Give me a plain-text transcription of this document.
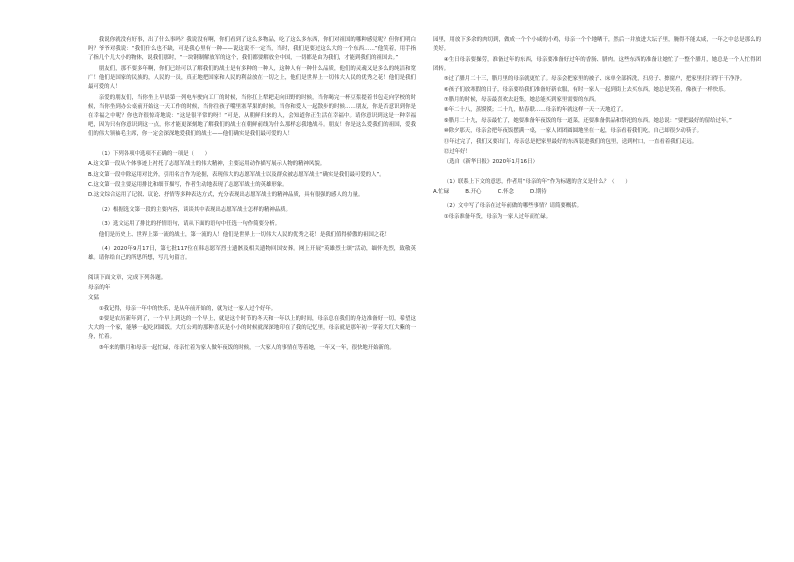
我说你就没有好事，出了什么事吗？我说没有啊，你们看到了这么多物品，吃了这么多东西，你们对祖国的哪种感觉呢？但你们明白吗？爷爷对我说：“我们什么也不缺，可是我心里有一种——说这说不一定当，当时，我们是要过这么大的一个东西……”他笑着，用手指了指几个儿大小的物体，说我们那时，“一块钢制解放军的这个，我们都要解放全中国，一切都是由为我们，才能到我们的祖国去。”

朋友们，那不要多年啊，你们已经可以了解我们的战士是有多种的一种人，这种人有一种什么品质，他们的灵魂又是多么的纯洁和宽广！他们是国家的民族的，人民的一员，真正地把国家和人民的利益放在一切之上，他们是世界上一切伟大人民的优秀之花！他们是我们最可爱的人！

亲爱的朋友们，当你坐上早晨第一列电车驶向工厂的时候，当你扛上犁耙走向田野的时候，当你喝完一杯豆浆提着书包走向学校的时候，当你坐到办公桌前开始这一天工作的时候，当你往孩子嘴里塞苹果的时候，当你和爱人一起散步的时候……朋友，你是否意识到你是在幸福之中呢？你也许很惊奇地说：“这是很平常的呀！”可是，从朝鲜归来的人，会知道你正生活在幸福中。请你意识到这是一种幸福吧，因为只有你意识到这一点，你才能更深刻地了解我们的战士在朝鲜前线为什么那样忘我地战斗。朋友！你是这么爱我们的祖国，爱我们的伟大领袖毛主席，你一定会深深地爱我们的战士——他们确实是我们最可爱的人！

（1）下列各项中选项不正确的一项是（　　）

A.这文第一段从个体事迹上衬托了志愿军战士的伟大精神，主要运用动作描写展示人物的精神风貌。

B.这文第一段中除运用对比外，引用名言作为论据，表现伟大的志愿军战士以及群众被志愿军战士“确实是我们最可爱的人”。

C.这文第一段主要运用排比和细节描写，作者生动地表现了志愿军战士的英雄形象。

D.这文综合运用了记叙、议论、抒情等多种表达方式，充分表现出志愿军战士的精神品质，具有很强的感人的力量。

（2）根据选文第一段的主要内容，谈谈其中表现出志愿军战士怎样的精神品质。

（3）选文运用了排比的抒情语句，请从下面的语句中任选一句作简要分析。

他们是历史上、世界上第一流的战士，第一流的人！他们是世界上一切伟大人民的优秀之花！是我们值得骄傲的祖国之花！

（4）2020年9月17日，第七批117位在韩志愿军烈士遗骸及相关遗物回国安葬。网上开展“英雄烈士颂”活动，缅怀先烈，致敬英雄。请你给自己的所思所想，写几句留言。

阅读下面文章，完成下列各题。

母亲的年

文猛

①我记得，母亲一年中的快乐，是从年前开始的，就为过一家人过个好年。

②要是农历新年到了，一个早上到达的一个早上，就是这个时节的冬天和一年以上的时间，母亲总在我们的身边准备好一切，希望这大大的一个家，能够一起吃团圆饭。大红公鸡的那种喜庆是小小的时候就深深地印在了我的记忆里，母亲就是那年初一穿着大红大紫的一身，忙着。

③年来的腊月和母亲一起忙碌，母亲忙着为家人做年夜饭的时候，一大家人的事情在等着她，一年又一年，很快地开始新的。

园里，用放下多余的肉切到，做成一个个小咸的小鸡，母亲一个个地晒干，然后一并放进大坛子里，腌得不能太咸，一年之中总是那么的美好。

④生日母亲要操劳，准备过年的东西，母亲要准备好过年的香肠、腊肉。这些东西的准备让她忙了一整个腊月，她总是一个人忙得团团转。

⑤过了腊月二十三，腊月里的母亲就更忙了。母亲会把家里的被子、床单全部拆洗，扫房子、擦窗户，把家里打扫得干干净净。

⑥孩子们放寒假的日子，母亲要给我们准备好新衣服，有时一家人一起到街上去买东西，她总是笑着，像孩子一样快乐。

⑦腊月的时候，母亲最喜欢去赶集，她总能买到家里需要的东西。

⑧年二十八，蒸馍馍；二十九，贴春联……母亲的年就这样一天一天地近了。

⑨腊月二十九，母亲最忙了，她要准备年夜饭的每一道菜，还要准备供品和祭祀的东西。她总说：“要把最好的留给过年。”

⑩除夕那天，母亲会把年夜饭摆满一桌，一家人团团圆圆地坐在一起，母亲看着我们吃，自己却很少动筷子。

⑪年过完了，我们又要出门，母亲总是把家里最好的东西装进我们的包里，送到村口，一直看着我们走远。

⑫过年好！

（选自《新华日报》2020年1月16日）

（1）联系上下文的意思，作者用“母亲的年”作为标题的含义是什么？（　　）

A.忙碌　　　B.开心　　　C.怀念　　　D.期待

（2）文中写了母亲在过年前做的哪些事情？请简要概括。

①母亲准备年货，母亲为一家人过年而忙碌。
